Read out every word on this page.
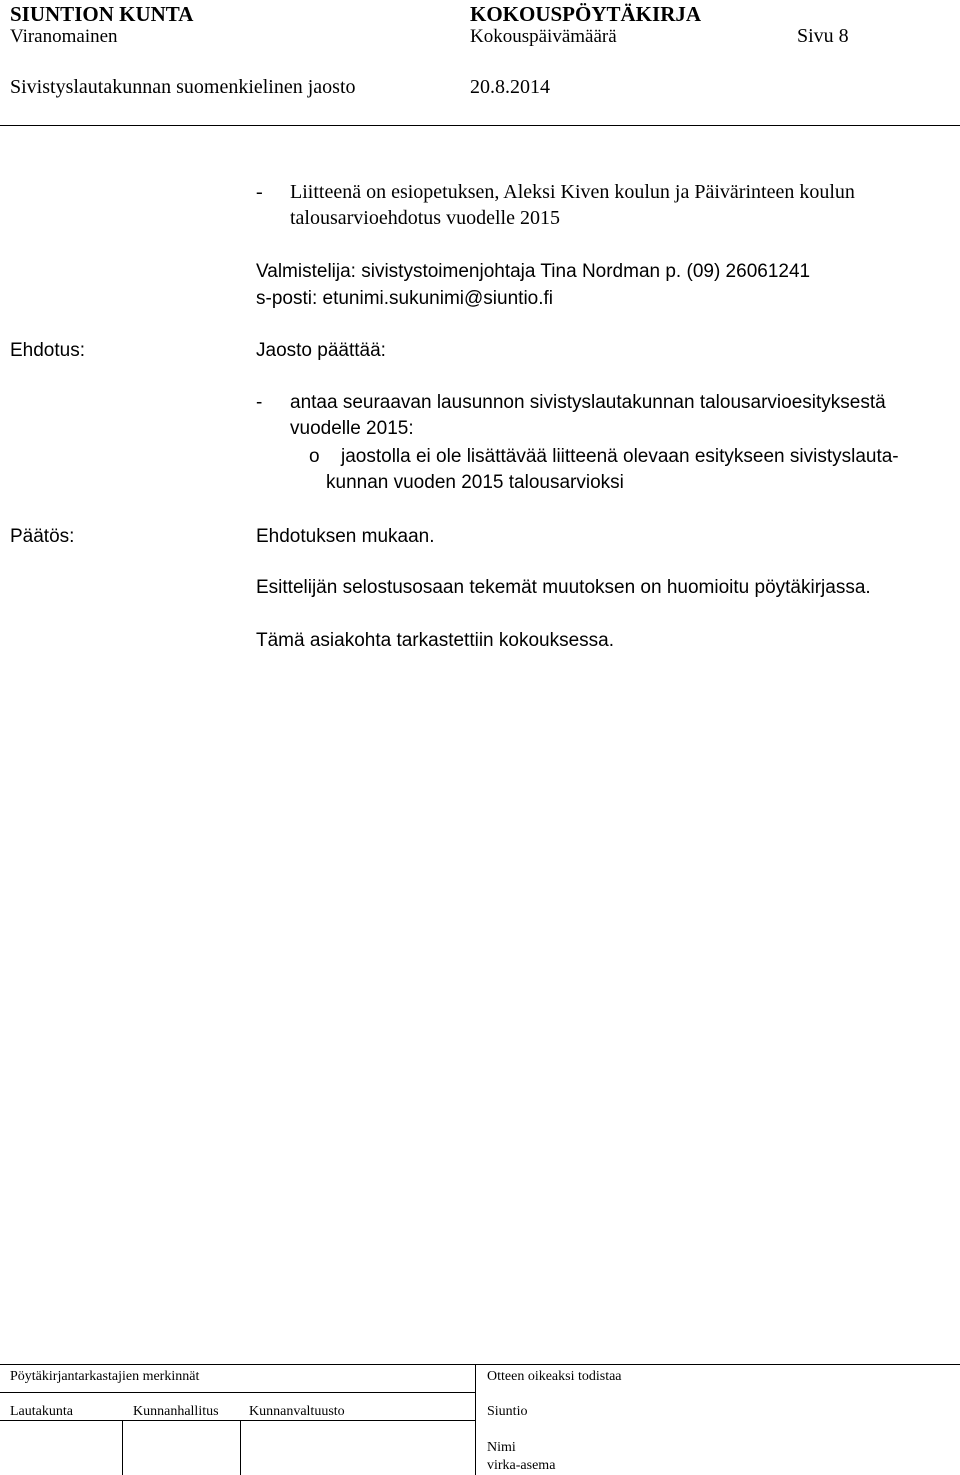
SIUNTION KUNTA	KOKOUSPÖYTÄKIRJA
Viranomainen	Kokouspäivämäärä	Sivu 8
Sivistyslautakunnan suomenkielinen jaosto	20.8.2014
- Liitteenä on esiopetuksen, Aleksi Kiven koulun ja Päivärinteen koulun
talousarvioehdotus vuodelle 2015
Valmistelija: sivistystoimenjohtaja Tina Nordman p. (09) 26061241
s-posti: etunimi.sukunimi@siuntio.fi
Ehdotus:	Jaosto päättää:
- antaa seuraavan lausunnon sivistyslautakunnan talousarvioesityksestä
vuodelle 2015:
o jaostolla ei ole lisättävää liitteenä olevaan esitykseen sivistyslauta-
kunnan vuoden 2015 talousarvioksi
Päätös:	Ehdotuksen mukaan.
Esittelijän selostusosaan tekemät muutoksen on huomioitu pöytäkirjassa.
Tämä asiakohta tarkastettiin kokouksessa.
Pöytäkirjantarkastajien merkinnät	Otteen oikeaksi todistaa
Lautakunta	Kunnanhallitus Kunnanvaltuusto	Siuntio
Nimi
virka-asema
